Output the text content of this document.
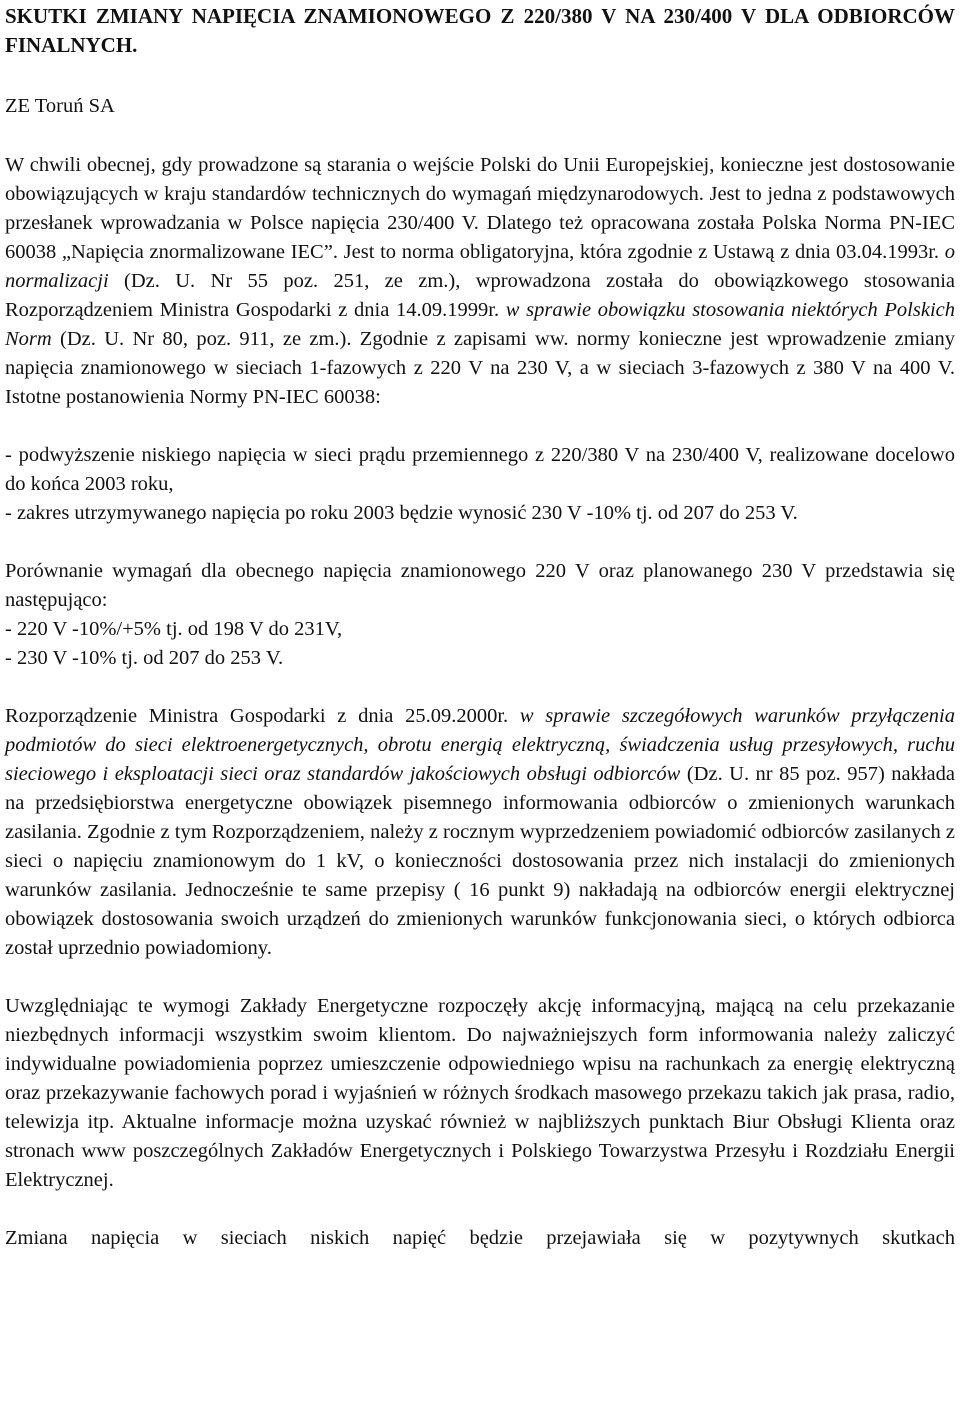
SKUTKI ZMIANY NAPIĘCIA ZNAMIONOWEGO Z 220/380 V NA 230/400 V DLA ODBIORCÓW FINALNYCH.
ZE Toruń SA

W chwili obecnej, gdy prowadzone są starania o wejście Polski do Unii Europejskiej, konieczne jest dostosowanie obowiązujących w kraju standardów technicznych do wymagań międzynarodowych. Jest to jedna z podstawowych przesłanek wprowadzania w Polsce napięcia 230/400 V. Dlatego też opracowana została Polska Norma PN-IEC 60038 „Napięcia znormalizowane IEC”. Jest to norma obligatoryjna, która zgodnie z Ustawą z dnia 03.04.1993r. o normalizacji (Dz. U. Nr 55 poz. 251, ze zm.), wprowadzona została do obowiązkowego stosowania Rozporządzeniem Ministra Gospodarki z dnia 14.09.1999r. w sprawie obowiązku stosowania niektórych Polskich Norm (Dz. U. Nr 80, poz. 911, ze zm.). Zgodnie z zapisami ww. normy konieczne jest wprowadzenie zmiany napięcia znamionowego w sieciach 1-fazowych z 220 V na 230 V, a w sieciach 3-fazowych z 380 V na 400 V. Istotne postanowienia Normy PN-IEC 60038:

- podwyższenie niskiego napięcia w sieci prądu przemiennego z 220/380 V na 230/400 V, realizowane docelowo do końca 2003 roku,

- zakres utrzymywanego napięcia po roku 2003 będzie wynosić 230 V -10% tj. od 207 do 253 V.

Porównanie wymagań dla obecnego napięcia znamionowego 220 V oraz planowanego 230 V przedstawia się następująco:

- 220 V -10%/+5% tj. od 198 V do 231V,

- 230 V -10% tj. od 207 do 253 V.

Rozporządzenie Ministra Gospodarki z dnia 25.09.2000r. w sprawie szczegółowych warunków przyłączenia podmiotów do sieci elektroenergetycznych, obrotu energią elektryczną, świadczenia usług przesyłowych, ruchu sieciowego i eksploatacji sieci oraz standardów jakościowych obsługi odbiorców (Dz. U. nr 85 poz. 957) nakłada na przedsiębiorstwa energetyczne obowiązek pisemnego informowania odbiorców o zmienionych warunkach zasilania. Zgodnie z tym Rozporządzeniem, należy z rocznym wyprzedzeniem powiadomić odbiorców zasilanych z sieci o napięciu znamionowym do 1 kV, o konieczności dostosowania przez nich instalacji do zmienionych warunków zasilania. Jednocześnie te same przepisy ( 16 punkt 9) nakładają na odbiorców energii elektrycznej obowiązek dostosowania swoich urządzeń do zmienionych warunków funkcjonowania sieci, o których odbiorca został uprzednio powiadomiony.

Uwzględniając te wymogi Zakłady Energetyczne rozpoczęły akcję informacyjną, mającą na celu przekazanie niezbędnych informacji wszystkim swoim klientom. Do najważniejszych form informowania należy zaliczyć indywidualne powiadomienia poprzez umieszczenie odpowiedniego wpisu na rachunkach za energię elektryczną oraz przekazywanie fachowych porad i wyjaśnień w różnych środkach masowego przekazu takich jak prasa, radio, telewizja itp. Aktualne informacje można uzyskać również w najbliższych punktach Biur Obsługi Klienta oraz stronach www poszczególnych Zakładów Energetycznych i Polskiego Towarzystwa Przesyłu i Rozdziału Energii Elektrycznej.

Zmiana napięcia w sieciach niskich napięć będzie przejawiała się w pozytywnych skutkach
